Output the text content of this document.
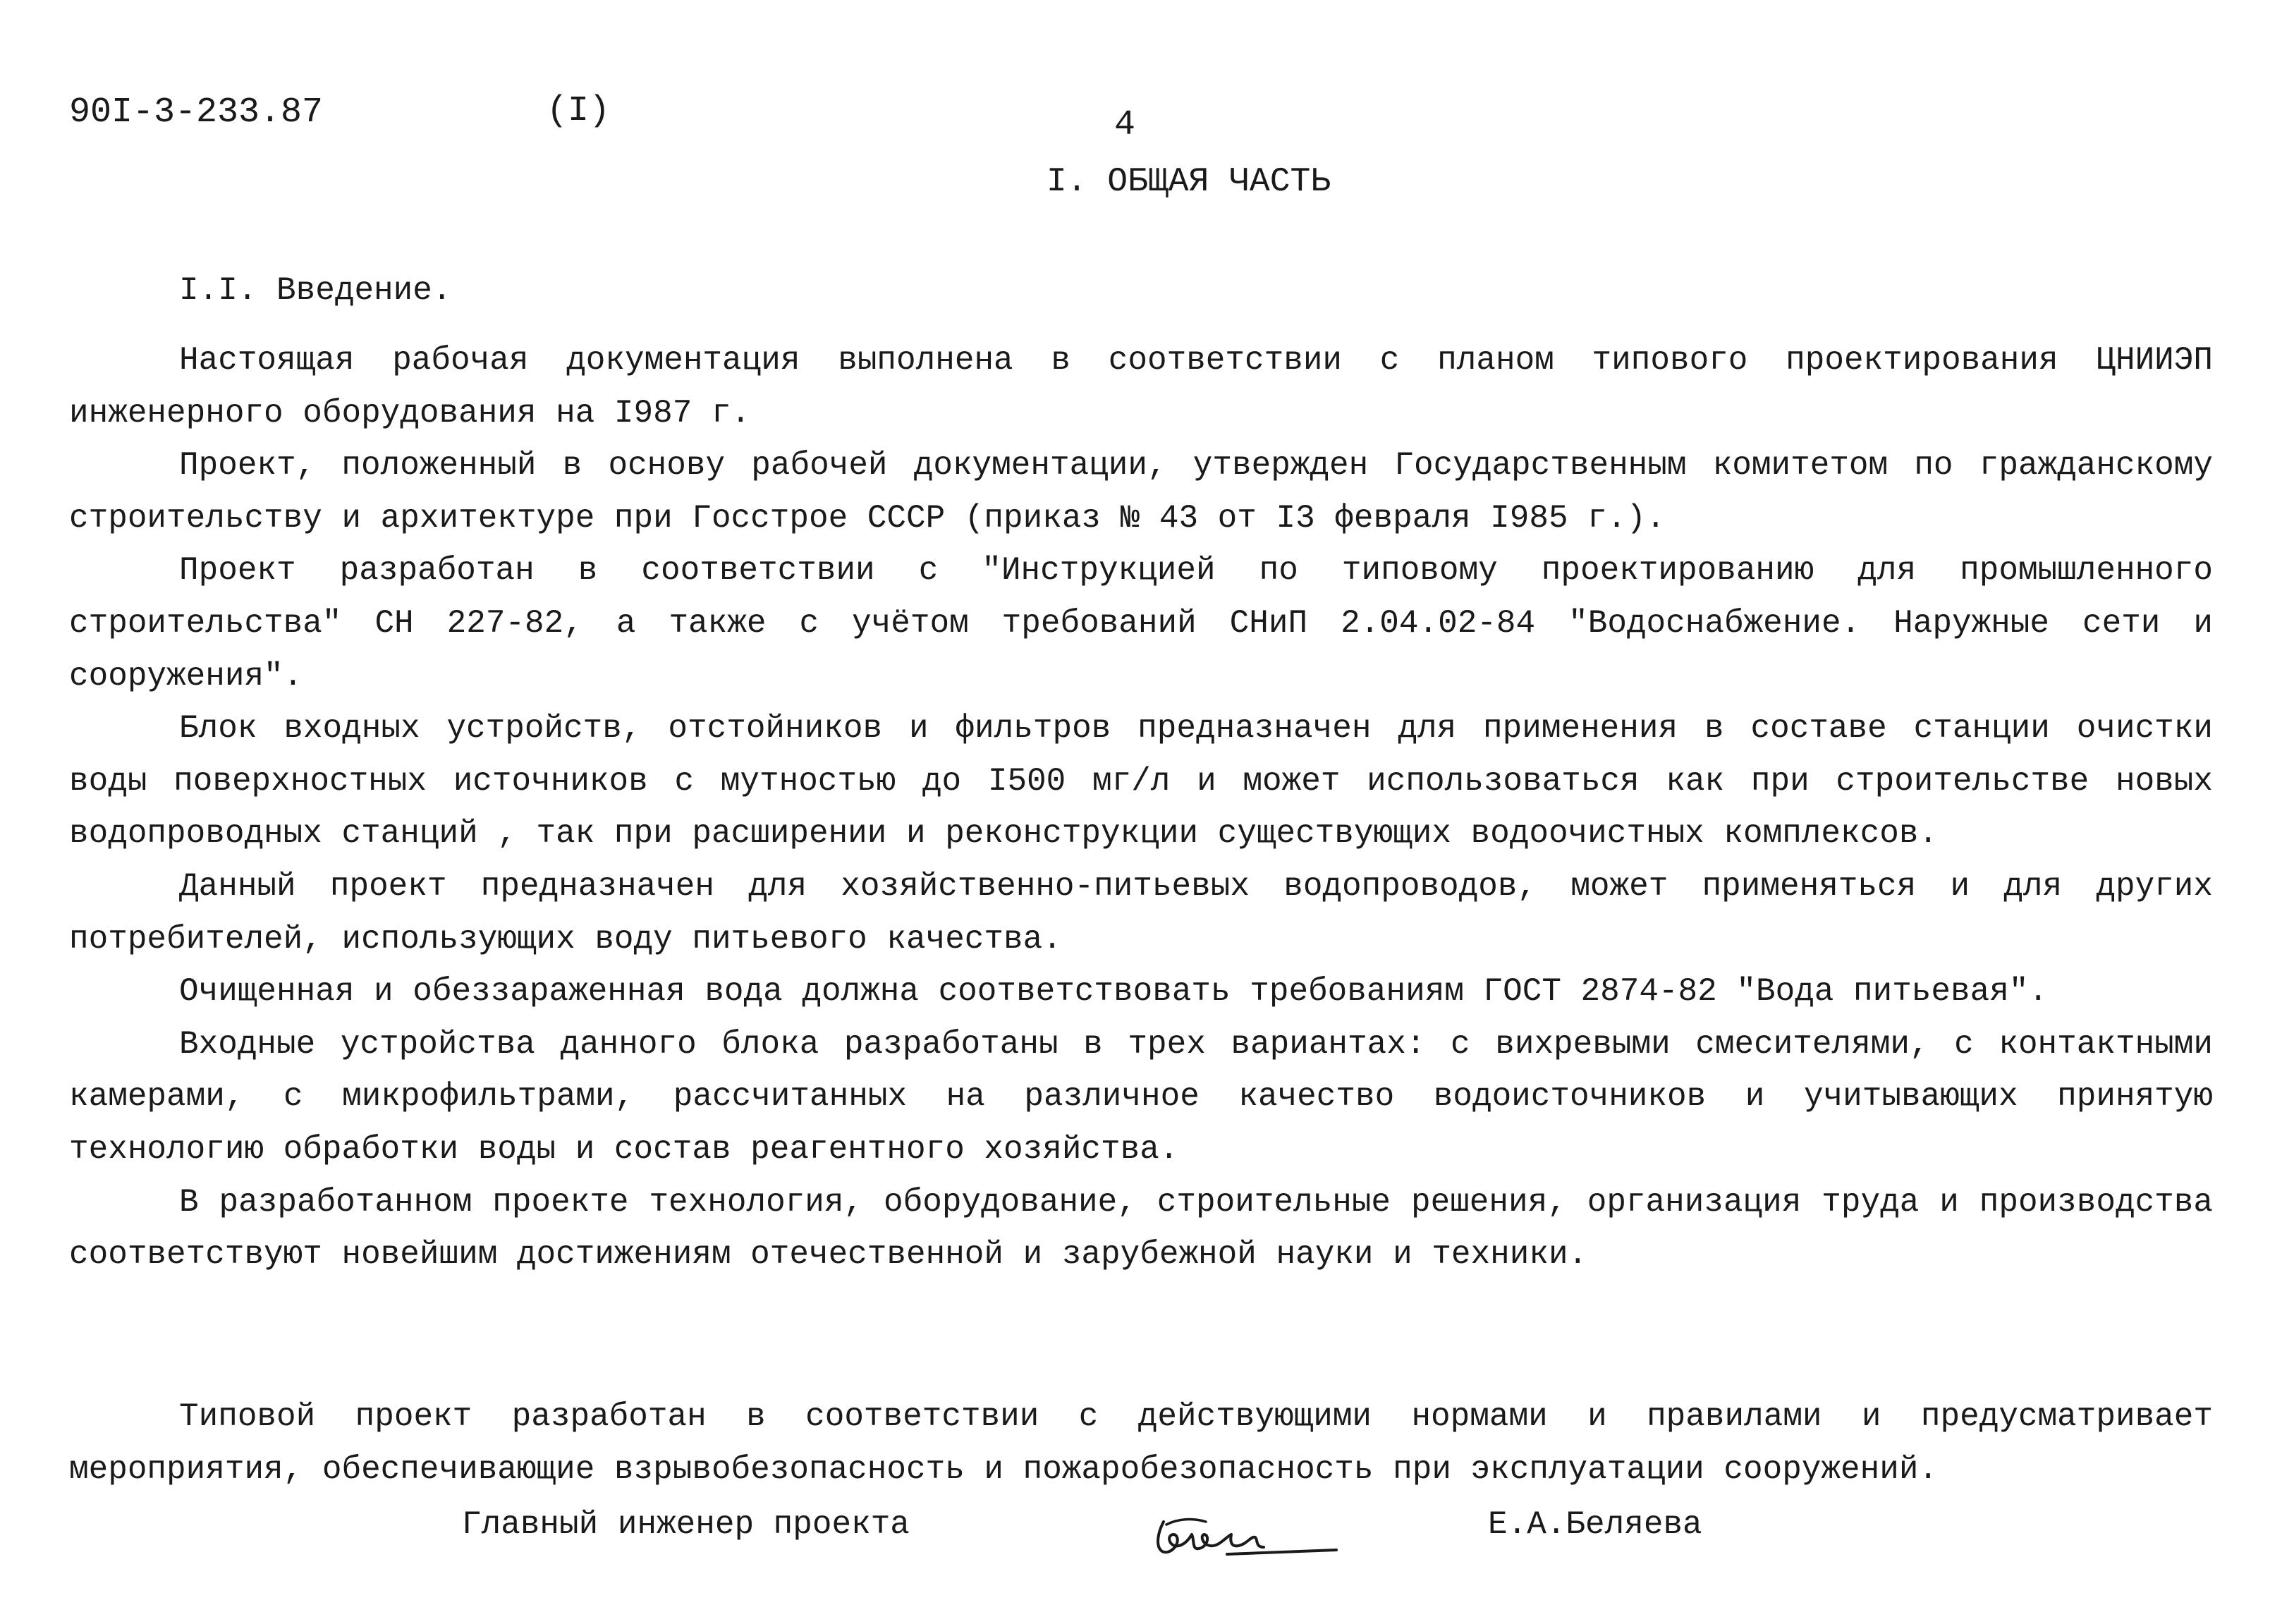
90I-3-233.87	(I)	4
I. ОБЩАЯ ЧАСТЬ
I.I. Введение.

Настоящая рабочая документация выполнена в соответствии с планом типового проектирования ЦНИИЭП инженерного оборудования на I987 г.

Проект, положенный в основу рабочей документации, утвержден Государственным комитетом по гражданскому строительству и архитектуре при Госстрое СССР (приказ № 43 от I3 февраля I985 г.).

Проект разработан в соответствии с "Инструкцией по типовому проектированию для промышленного строительства" СН 227-82, а также с учётом требований СНиП 2.04.02-84 "Водоснабжение. Наружные сети и сооружения".

Блок входных устройств, отстойников и фильтров предназначен для применения в составе станции очистки воды поверхностных источников с мутностью до I500 мг/л и может использоваться как при строительстве новых водопроводных станций , так при расширении и реконструкции существующих водоочистных комплексов.

Данный проект предназначен для хозяйственно-питьевых водопроводов, может применяться и для других потребителей, использующих воду питьевого качества.

Очищенная и обеззараженная вода должна соответствовать требованиям ГОСТ 2874-82 "Вода питьевая".

Входные устройства данного блока разработаны в трех вариантах: с вихревыми смесителями, с контактными камерами, с микрофильтрами, рассчитанных на различное качество водоисточников и учитывающих принятую технологию обработки воды и состав реагентного хозяйства.

В разработанном проекте технология, оборудование, строительные решения, организация труда и производства соответствуют новейшим достижениям отечественной и зарубежной науки и техники.

Типовой проект разработан в соответствии с действующими нормами и правилами и предусматривает мероприятия, обеспечивающие взрывобезопасность и пожаробезопасность при эксплуатации сооружений.

Главный инженер проекта	Е.А.Беляева
